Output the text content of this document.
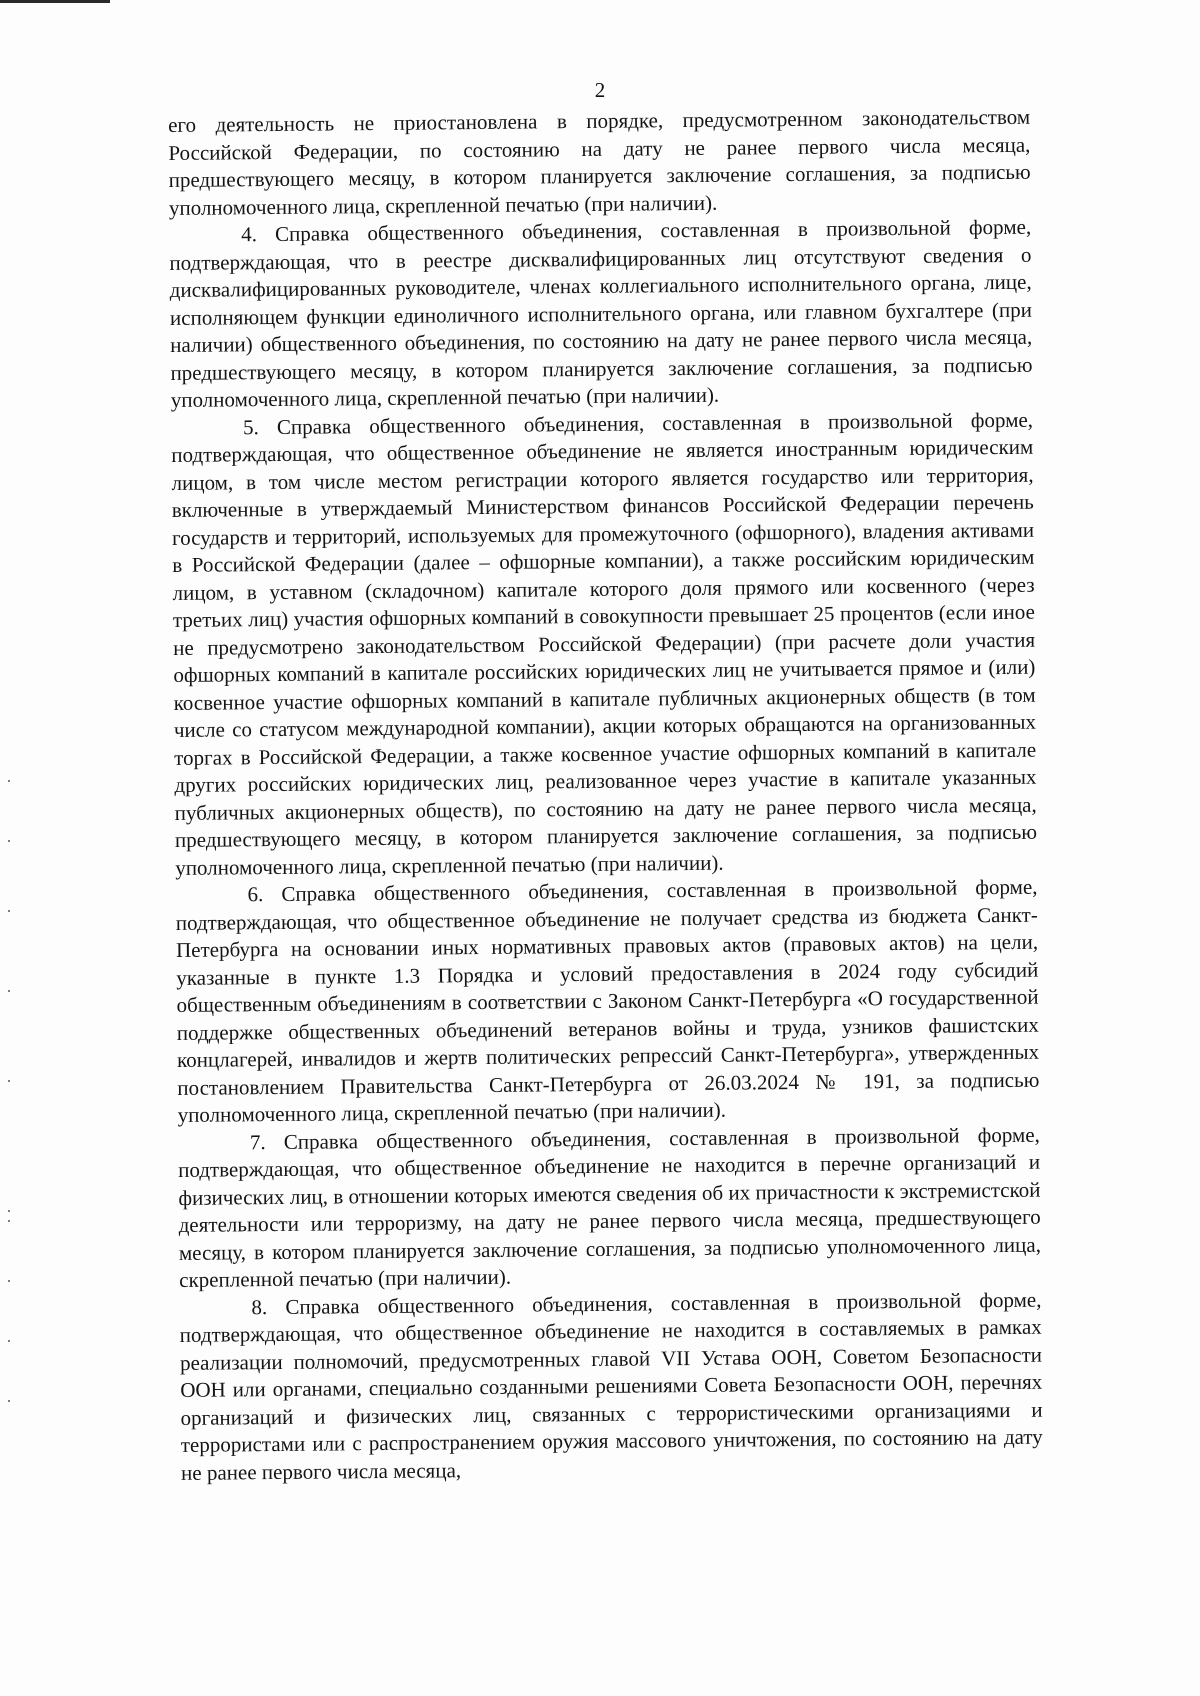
2

его деятельность не приостановлена в порядке, предусмотренном законодательством Российской Федерации, по состоянию на дату не ранее первого числа месяца, предшествующего месяцу, в котором планируется заключение соглашения, за подписью уполномоченного лица, скрепленной печатью (при наличии).

4. Справка общественного объединения, составленная в произвольной форме, подтверждающая, что в реестре дисквалифицированных лиц отсутствуют сведения о дисквалифицированных руководителе, членах коллегиального исполнительного органа, лице, исполняющем функции единоличного исполнительного органа, или главном бухгалтере (при наличии) общественного объединения, по состоянию на дату не ранее первого числа месяца, предшествующего месяцу, в котором планируется заключение соглашения, за подписью уполномоченного лица, скрепленной печатью (при наличии).

5. Справка общественного объединения, составленная в произвольной форме, подтверждающая, что общественное объединение не является иностранным юридическим лицом, в том числе местом регистрации которого является государство или территория, включенные в утверждаемый Министерством финансов Российской Федерации перечень государств и территорий, используемых для промежуточного (офшорного), владения активами в Российской Федерации (далее – офшорные компании), а также российским юридическим лицом, в уставном (складочном) капитале которого доля прямого или косвенного (через третьих лиц) участия офшорных компаний в совокупности превышает 25 процентов (если иное не предусмотрено законодательством Российской Федерации) (при расчете доли участия офшорных компаний в капитале российских юридических лиц не учитывается прямое и (или) косвенное участие офшорных компаний в капитале публичных акционерных обществ (в том числе со статусом международной компании), акции которых обращаются на организованных торгах в Российской Федерации, а также косвенное участие офшорных компаний в капитале других российских юридических лиц, реализованное через участие в капитале указанных публичных акционерных обществ), по состоянию на дату не ранее первого числа месяца, предшествующего месяцу, в котором планируется заключение соглашения, за подписью уполномоченного лица, скрепленной печатью (при наличии).

6. Справка общественного объединения, составленная в произвольной форме, подтверждающая, что общественное объединение не получает средства из бюджета Санкт-Петербурга на основании иных нормативных правовых актов (правовых актов) на цели, указанные в пункте 1.3 Порядка и условий предоставления в 2024 году субсидий общественным объединениям в соответствии с Законом Санкт-Петербурга «О государственной поддержке общественных объединений ветеранов войны и труда, узников фашистских концлагерей, инвалидов и жертв политических репрессий Санкт-Петербурга», утвержденных постановлением Правительства Санкт-Петербурга от 26.03.2024 № 191, за подписью уполномоченного лица, скрепленной печатью (при наличии).

7. Справка общественного объединения, составленная в произвольной форме, подтверждающая, что общественное объединение не находится в перечне организаций и физических лиц, в отношении которых имеются сведения об их причастности к экстремистской деятельности или терроризму, на дату не ранее первого числа месяца, предшествующего месяцу, в котором планируется заключение соглашения, за подписью уполномоченного лица, скрепленной печатью (при наличии).

8. Справка общественного объединения, составленная в произвольной форме, подтверждающая, что общественное объединение не находится в составляемых в рамках реализации полномочий, предусмотренных главой VII Устава ООН, Советом Безопасности ООН или органами, специально созданными решениями Совета Безопасности ООН, перечнях организаций и физических лиц, связанных с террористическими организациями и террористами или с распространением оружия массового уничтожения, по состоянию на дату не ранее первого числа месяца,
